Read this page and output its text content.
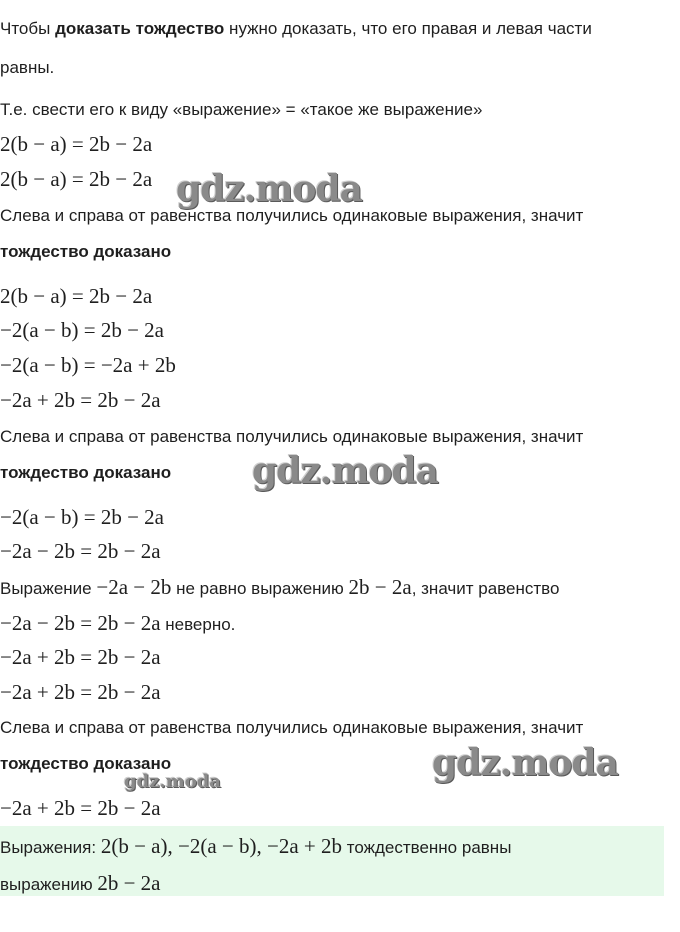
Чтобы доказать тождество нужно доказать, что его правая и левая части
равны.
Т.е. свести его к виду «выражение» = «такое же выражение»
2(b − a) = 2b − 2a
2(b − a) = 2b − 2a
Слева и справа от равенства получились одинаковые выражения, значит
тождество доказано
2(b − a) = 2b − 2a
−2(a − b) = 2b − 2a
−2(a − b) = −2a + 2b
−2a + 2b = 2b − 2a
Слева и справа от равенства получились одинаковые выражения, значит
тождество доказано
−2(a − b) = 2b − 2a
−2a − 2b = 2b − 2a
Выражение −2a − 2b не равно выражению 2b − 2a, значит равенство
−2a − 2b = 2b − 2a неверно.
−2a + 2b = 2b − 2a
−2a + 2b = 2b − 2a
Слева и справа от равенства получились одинаковые выражения, значит
тождество доказано
−2a + 2b = 2b − 2a
Выражения: 2(b − a), −2(a − b), −2a + 2b тождественно равны
выражению 2b − 2a
gdz.moda
gdz.moda
gdz.moda
gdz.moda
